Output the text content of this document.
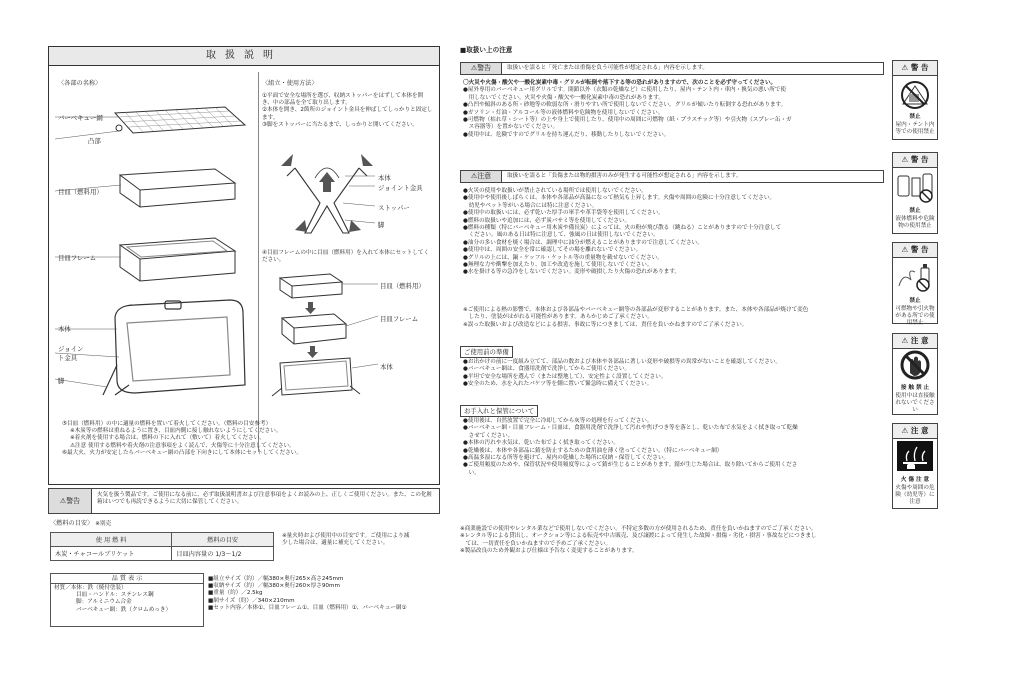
取扱説明
〈各部の名称〉
バーベキュー網
凸部
目皿（燃料用）
目皿フレーム
本体
ジョイント金具
脚
〈組立・使用方法〉
①平面で安全な場所を選び、収納ストッパーをはずして本体を開き、中の部品を全て取り出します。
②本体を開き、2箇所のジョイント金具を伸ばしてしっかりと固定します。
③脚をストッパーに当たるまで、しっかりと開いてください。
本体
ジョイント金具
ストッパー
脚
④目皿フレームの中に目皿（燃料用）を入れて本体にセットしてください。
目皿（燃料用）
目皿フレーム
本体
⑤目皿（燃料用）の中に適量の燃料を置いて着火してください。（燃料の目安参考）
※木炭等の燃料は重ねるように置き、目皿内側に接し触れないようにしてください。
※着火剤を使用する場合は、燃料の下に入れて（敷いて）着火してください。
⚠注意 使用する燃料や着火剤の注意事項をよく読んで、火傷等に十分注意してください。
⑥最大火、火力が安定したらバーベキュー網の凸部を下向きにして本体にセットしてください。
⚠警告
火気を扱う製品です。ご使用になる前に、必ず取扱説明書および注意事項をよくお読みの上、正しくご使用ください。また、この化粧箱はいつでも再読できるように大切に保管してください。
〈燃料の目安〉 ※別売
使 用 燃 料	燃料の目安
木炭・チャコールブリケット	目皿内容量の 1/3〜1/2
※量火時および使用中の目安です。ご使用により減少した場合は、適量に補充してください。
品 質 表 示
材質／本体：鉄（焼付塗装）
目皿・ハンドル：ステンレス鋼
脚：アルミニウム合金
バーベキュー網：鉄（クロムめっき）
■組立サイズ（約）／幅380×奥行265×高さ245mm
■収納サイズ（約）／幅380×奥行260×厚さ90mm
■重量（約）／2.5kg
■網サイズ（約）／340×210mm
■セット内容／本体①、目皿フレーム①、目皿（燃料用）①、バーベキュー網①
■取扱い上の注意
⚠警告	取扱いを誤ると「死亡または重傷を負う可能性が想定される」内容を示します。
〇火災や火傷・酸欠や一酸化炭素中毒・グリルが転倒や落下する等の恐れがありますので、次のことを必ず守ってください。
●屋外専用のバーベキュー用グリルです。閉鎖以外（衣類の乾燥など）に使用したり、屋内・テント内・車内・換気の悪い所で使
　用しないでください。火災や火傷・酸欠や一酸化炭素中毒の恐れがあります。
●凸凹や傾斜のある所・砂地等の軟弱な所・滑りやすい所で使用しないでください。グリルが傾いたり転倒する恐れがあります。
●ガソリン・灯油・アルコール等の液体燃料や危険物を使用しないでください。
●可燃物（枯れ草・シート等）の上や身上で使用したり、使用中の周囲に可燃物（紙・プラスチック等）や引火物（スプレー缶・ガ
　ス容器等）を置かないでください。
●使用中は、危険ですのでグリルを持ち運んだり、移動したりしないでください。
⚠注意	取扱いを誤ると「負傷または物的損害のみが発生する可能性が想定される」内容を示します。
●火災の使用や取扱いが禁止されている場所では使用しないでください。
●使用中や使用後しばらくは、本体や各部品が高温になって熱気も上昇します。火傷や周囲の危険に十分注意してください。
　幼児やペット等がいる場合には特に注意ください。
●使用中の取扱いには、必ず乾いた厚手の軍手や革手袋等を使用してください。
●燃料の取扱いや追加には、必ず炭バサミ等を使用してください。
●燃料の種類（特にバーベキュー用木炭や備長炭）によっては、火の粉が飛び散る（跳ねる）ことがありますので十分注意して
　ください。風のある日は特に注意して、強風の日は使用しないでください。
●油分の多い食材を焼く場合は、調理中に油分が燃えることがありますので注意してください。
●使用中は、周囲の安全を常に確認してその場を離れないでください。
●グリルの上には、鍋・ケッフル・ケットル等の重量物を載せないでください。
●無理な力や衝撃を加えたり、加工や改造を施して使用しないでください。
●水を掛ける等の急冷をしないでください。変形や破損したり火傷の恐れがあります。
※ご使用による熱の影響で、本体および各部品やバーベキュー網等の各部品が変形することがあります。また、本体や各部品が焼けて変色
　したり、塗装がはがれる可能性があります。あらかじめご了承ください。
※誤った取扱いおよび改造などによる損害、事故に等につきましては、責任を負いかねますのでご了承ください。
ご使用前の準備
●お出かけの前に一度組み立てて、部品の数および本体や各部品に著しい変形や破損等の異常がないことを確認してください。
●バーベキュー網は、食器用洗剤で洗浄してからご使用ください。
●平坦で安全な場所を選んで（または整地して）、安定性よく設置してください。
●安全のため、水を入れたバケツ等を側に置いて緊急時に備えてください。
お手入れと保管について
●使用後は、自然放置で完全に冷却してから灰等の処理を行ってください。
●バーベキュー網・目皿フレーム・目皿は、食器用洗剤で洗浄して汚れや焦げつき等を落とし、乾いた布で水気をよく拭き取って乾燥
　させてください。
●本体の汚れや水気は、乾いた布でよく拭き取ってください。
●乾燥後は、本体や各部品に錆を防止するための食用油を薄く塗ってください。（特にバーベキュー網）
●高温多湿になる所等を避けて、屋内の乾燥した場所に収納・保管してください。
●ご使用頻度のためや、保管状況や使用頻度等によって錆が生じることがあります。錆が生じた場合は、取り除いてからご使用くださ
　い。
※商業施設での使用やレンタル業などで使用しないでください。不特定多数の方が使用されるため、責任を負いかねますのでご了承ください。
※レンタル等による貸出し、オークション等による転売や中古販売、及び譲渡によって発生した故障・損傷・劣化・損害・事故などにつきまし
　ては、一切責任を負いかねますので予めご了承ください。
※製品改良のため外観および仕様は予告なく変更することがあります。
⚠ 警 告
禁止
屋内・テント内等での使用禁止
⚠ 警 告
禁止
液体燃料や危険物の使用禁止
⚠ 警 告
禁止
可燃物や引火物がある所での使用禁止
⚠ 注 意
接 触 禁 止
使用中は直接触れないでください
⚠ 注 意
火 傷 注 意
火傷や周囲の危険（幼児等）に注意
